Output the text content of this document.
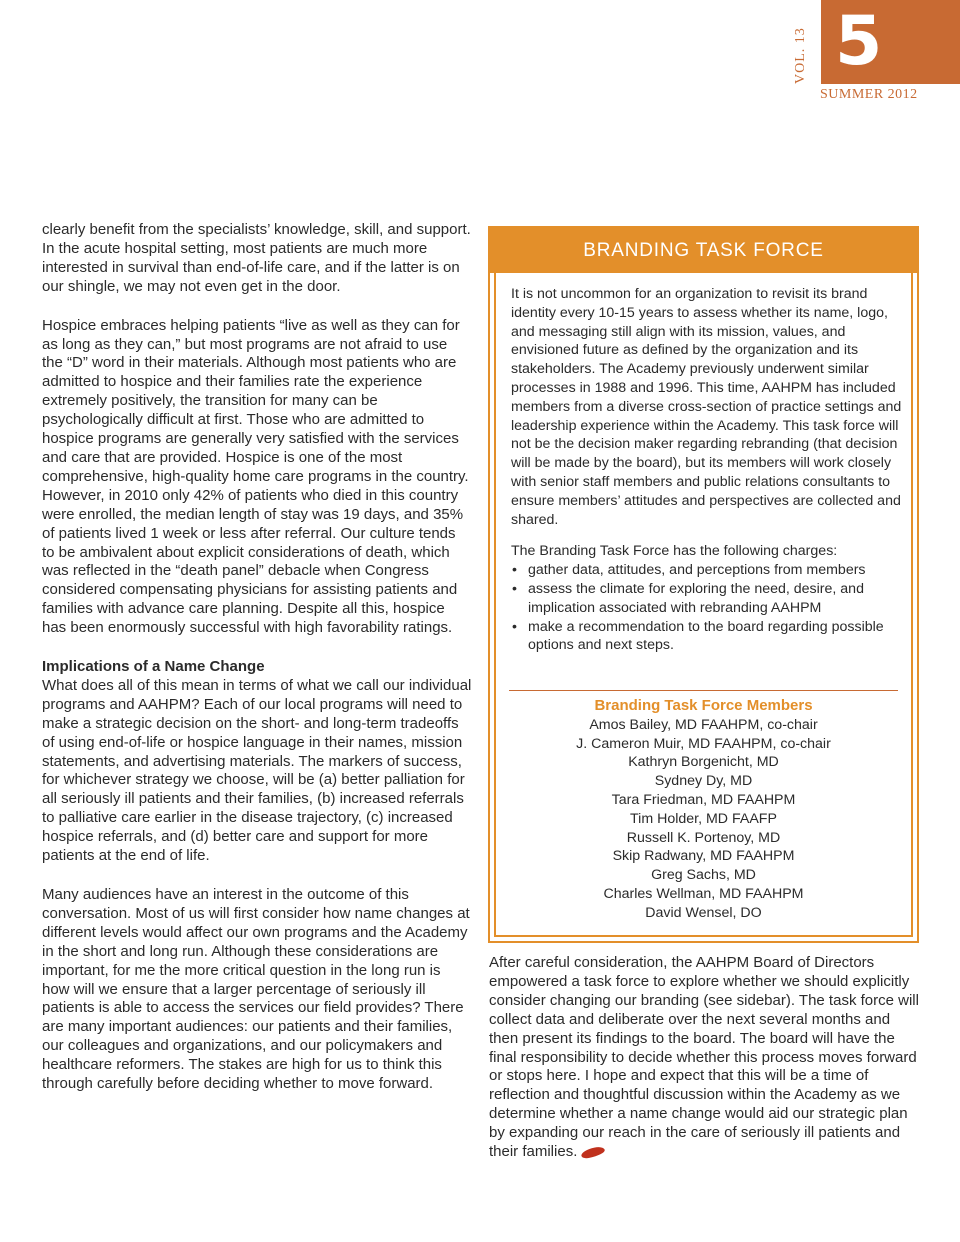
5
VOL. 13
SUMMER 2012

clearly benefit from the specialists’ knowledge, skill, and support. In the acute hospital setting, most patients are much more interested in survival than end-of-life care, and if the latter is on our shingle, we may not even get in the door.

Hospice embraces helping patients “live as well as they can for as long as they can,” but most programs are not afraid to use the “D” word in their materials. Although most patients who are admitted to hospice and their families rate the experience extremely positively, the transition for many can be psychologically difficult at first. Those who are admitted to hospice programs are generally very satisfied with the services and care that are provided. Hospice is one of the most comprehensive, high-quality home care programs in the country. However, in 2010 only 42% of patients who died in this country were enrolled, the median length of stay was 19 days, and 35% of patients lived 1 week or less after referral. Our culture tends to be ambivalent about explicit considerations of death, which was reflected in the “death panel” debacle when Congress considered compensating physicians for assisting patients and families with advance care planning. Despite all this, hospice has been enormously successful with high favorability ratings.

Implications of a Name Change

What does all of this mean in terms of what we call our individual programs and AAHPM? Each of our local programs will need to make a strategic decision on the short- and long-term tradeoffs of using end-of-life or hospice language in their names, mission statements, and advertising materials. The markers of success, for whichever strategy we choose, will be (a) better palliation for all seriously ill patients and their families, (b) increased referrals to palliative care earlier in the disease trajectory, (c) increased hospice referrals, and (d) better care and support for more patients at the end of life.

Many audiences have an interest in the outcome of this conversation. Most of us will first consider how name changes at different levels would affect our own programs and the Academy in the short and long run. Although these considerations are important, for me the more critical question in the long run is how will we ensure that a larger percentage of seriously ill patients is able to access the services our field provides? There are many important audiences: our patients and their families, our colleagues and organizations, and our policymakers and healthcare reformers. The stakes are high for us to think this through carefully before deciding whether to move forward.

BRANDING TASK FORCE

It is not uncommon for an organization to revisit its brand identity every 10-15 years to assess whether its name, logo, and messaging still align with its mission, values, and envisioned future as defined by the organization and its stakeholders. The Academy previously underwent similar processes in 1988 and 1996. This time, AAHPM has included members from a diverse cross-section of practice settings and leadership experience within the Academy. This task force will not be the decision maker regarding rebranding (that decision will be made by the board), but its members will work closely with senior staff members and public relations consultants to ensure members’ attitudes and perspectives are collected and shared.

The Branding Task Force has the following charges:
• gather data, attitudes, and perceptions from members
• assess the climate for exploring the need, desire, and implication associated with rebranding AAHPM
• make a recommendation to the board regarding possible options and next steps.
Branding Task Force Members
Amos Bailey, MD FAAHPM, co-chair
J. Cameron Muir, MD FAAHPM, co-chair
Kathryn Borgenicht, MD
Sydney Dy, MD
Tara Friedman, MD FAAHPM
Tim Holder, MD FAAFP
Russell K. Portenoy, MD
Skip Radwany, MD FAAHPM
Greg Sachs, MD
Charles Wellman, MD FAAHPM
David Wensel, DO
After careful consideration, the AAHPM Board of Directors empowered a task force to explore whether we should explicitly consider changing our branding (see sidebar). The task force will collect data and deliberate over the next several months and then present its findings to the board. The board will have the final responsibility to decide whether this process moves forward or stops here. I hope and expect that this will be a time of reflection and thoughtful discussion within the Academy as we determine whether a name change would aid our strategic plan by expanding our reach in the care of seriously ill patients and their families.
